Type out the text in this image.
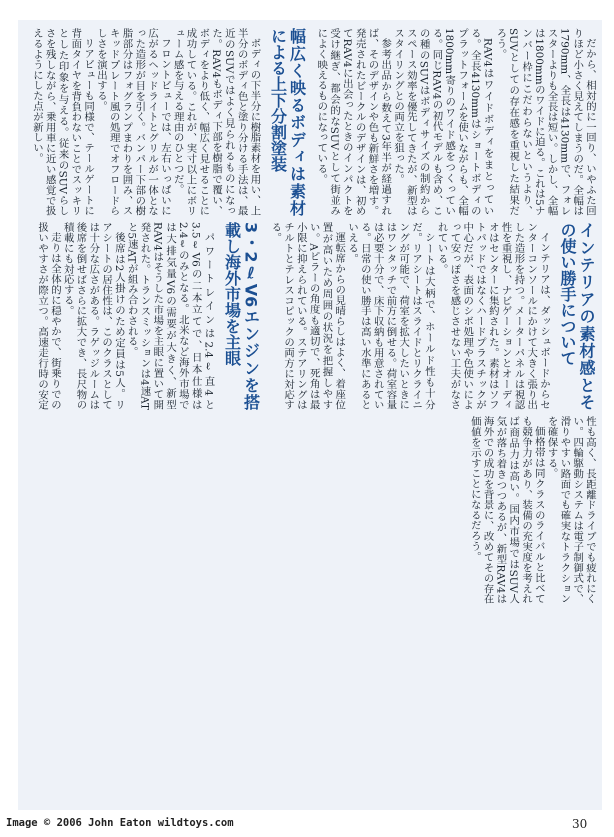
だから、相対的に一回り、いやふた回りほど小さく見えてしまうのだ。全幅は1790mm、全長は4130mmで、フォレスターよりも全長は短い。しかし、全幅は1800mmのワイドに迫る。これは5ナンバー枠にこだわらないというより、SUVとしての存在感を重視した結果だろう。

RAV4はワイドボディをまとっている。全長4130mmはショートボディのプラットフォームを使いながらも、全幅1800mm寄りのワイド感をつくっている。同じRAV4の初代モデルも含め、この種のSUVはボディサイズの制約からスペース効率を優先してきたが、新型はスタイリングとの両立を狙った。

参考出品から数えて3年半が経過すれば、そのデザインや色も新鮮さを増す。発売されたビークルのデザインは、初めてRAV4に出会ったときのインパクトを受け継ぎ、都会的なSUVとして街並みによく映えるものになっている。

幅広く映るボディは素材による上下分割塗装

ボディの下半分に樹脂素材を用い、上半分のボディ色と塗り分ける手法は、最近のSUVではよく見られるものになった。RAV4もボディ下部を樹脂で覆い、ボディをより低く、幅広く見せることに成功している。これが、実寸以上にボリューム感を与える理由のひとつだ。

フロントビューでは、左右いっぱいに広がるヘッドライトとグリルが一体となった造形が目を引く。バンパー下部の樹脂部分はフォグランプまわりを囲み、スキッドプレート風の処理でオフロードらしさを演出する。

リアビューも同様で、テールゲートに背面タイヤを背負わないことでスッキリとした印象を与える。従来のSUVらしさを残しながら、乗用車に近い感覚で扱えるようにした点が新しい。

インテリアの素材感とその使い勝手について

インテリアは、ダッシュボードからセンターコンソールにかけて大きく張り出した造形を持つ。メーターパネルは視認性を重視し、ナビゲーションとオーディオはセンターに集約された。素材はソフトパッドではなくハードプラスチックが中心だが、表面のシボ処理や色使いによって安っぽさを感じさせない工夫がなされている。

シートは大柄で、ホールド性も十分だ。リアシートはスライドとリクライニングが可能で、荷室を拡大したいときにはワンタッチで前方に倒せる。荷室容量は必要十分で、床下収納も用意されている。日常の使い勝手は高い水準にあるといえる。

運転席からの見晴らしはよく、着座位置が高いため周囲の状況を把握しやすい。Aピラーの角度も適切で、死角は最小限に抑えられている。ステアリングはチルトとテレスコピックの両方に対応する。

3・2ℓV6エンジンを搭載し海外市場を主眼

パワートレインは2.4ℓ直4と3.5ℓV6の二本立てで、日本仕様は2.4ℓのみとなる。北米など海外市場では大排気量V6の需要が大きく、新型RAV4はそうした市場を主眼に置いて開発された。トランスミッションは4速ATと5速ATが組み合わされる。

後席は2人掛けのため定員は5人。リアシートの居住性は、このクラスとしては十分な広さがある。ラゲッジルームは後席を倒せばさらに拡大でき、長尺物の積載にも対応する。

走りは全体的に穏やかで、街乗りでの扱いやすさが際立つ。高速走行時の安定性も高く、長距離ドライブでも疲れにくい。四輪駆動システムは電子制御式で、滑りやすい路面でも確実なトラクションを確保する。

価格帯は同クラスのライバルと比べても競争力があり、装備の充実度を考えれば商品力は高い。国内市場ではSUV人気が落ち着きつつあるが、新型RAV4は海外での成功を背景に、改めてその存在価値を示すことになるだろう。

Image © 2006 John Eaton wildtoys.com	30
